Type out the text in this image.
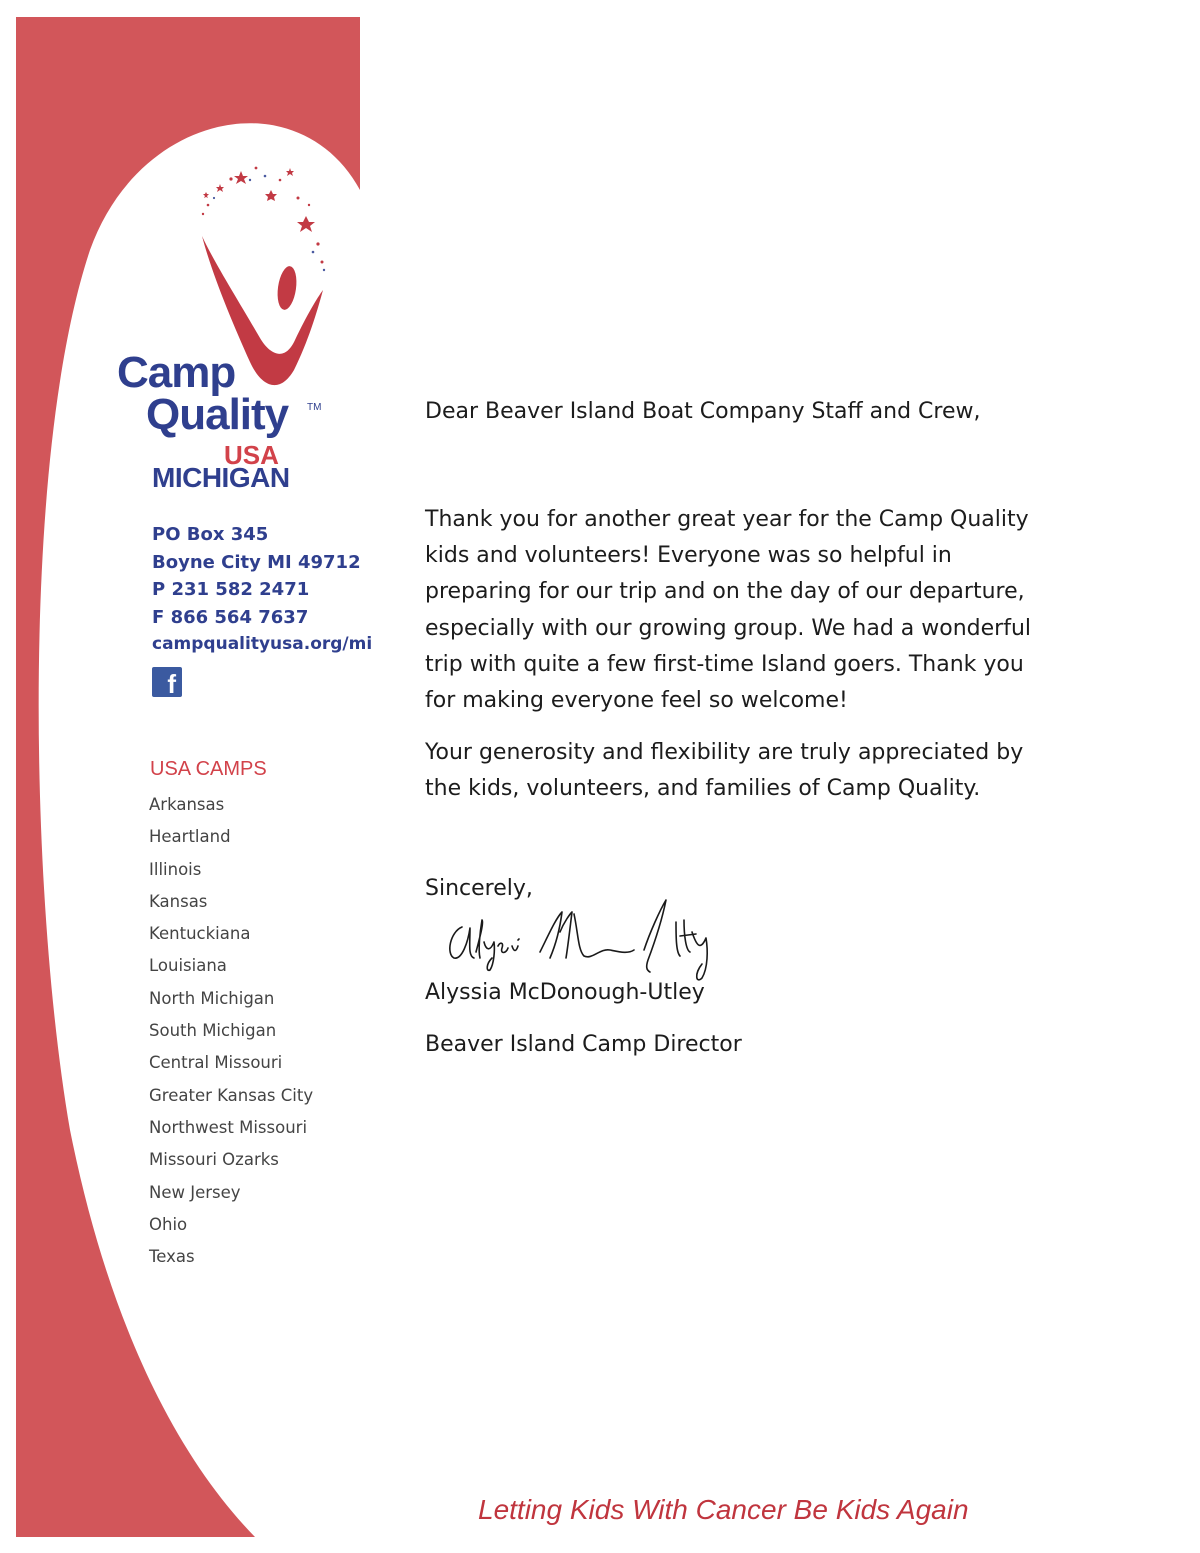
Camp
Quality TM
USA
MICHIGAN
PO Box 345
Boyne City MI 49712
P 231 582 2471
F 866 564 7637
campqualityusa.org/mi
f
USA CAMPS
Arkansas
Heartland
Illinois
Kansas
Kentuckiana
Louisiana
North Michigan
South Michigan
Central Missouri
Greater Kansas City
Northwest Missouri
Missouri Ozarks
New Jersey
Ohio
Texas
Dear Beaver Island Boat Company Staff and Crew,
Thank you for another great year for the Camp Quality
kids and volunteers! Everyone was so helpful in
preparing for our trip and on the day of our departure,
especially with our growing group. We had a wonderful
trip with quite a few first-time Island goers. Thank you
for making everyone feel so welcome!
Your generosity and flexibility are truly appreciated by
the kids, volunteers, and families of Camp Quality.
Sincerely,
Alyssia McDonough-Utley
Beaver Island Camp Director
Letting Kids With Cancer Be Kids Again
